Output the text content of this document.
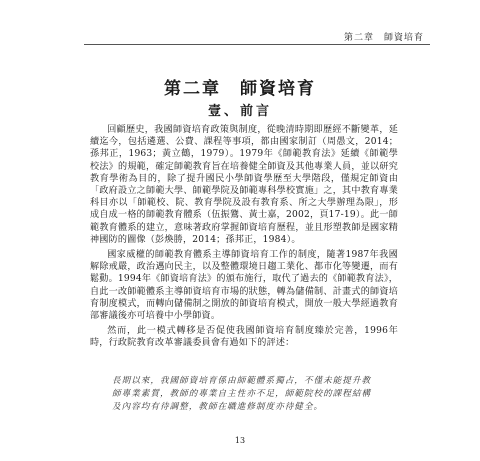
第二章　師資培育
第二章　師資培育
壹、前言

回顧歷史，我國師資培育政策與制度，從晚清時期即歷經不斷變革，延續迄今，包括遴選、公費、課程等事項，都由國家制訂（周愚文，2014；孫邦正，1963；黃立鶴，1979）。1979年《師範教育法》延續《師範學校法》的規範，確定師範教育旨在培養健全師資及其他專業人員，並以研究教育學術為目的，除了提升國民小學師資學歷至大學階段，僅規定師資由「政府設立之師範大學、師範學院及師範專科學校實施」之，其中教育專業科目亦以「師範校、院、教育學院及設有教育系、所之大學辦理為限」，形成自成一格的師範教育體系（伍振鷟、黃士嘉，2002，頁17-19）。此一師範教育體系的建立，意味著政府掌握師資培育歷程，並且形塑教師是國家精神國防的圖像（彭煥勝，2014；孫邦正，1984）。

國家威權的師範教育體系主導師資培育工作的制度，隨著1987年我國解除戒嚴，政治邁向民主，以及整體環境日趨工業化、都市化等變遷，而有鬆動。1994年《師資培育法》的頒布施行，取代了過去的《師範教育法》，自此一改師範體系主導師資培育市場的狀態，轉為儲備制、計畫式的師資培育制度模式，而轉向儲備制之開放的師資培育模式，開放一般大學經過教育部審議後亦可培養中小學師資。

然而，此一模式轉移是否促使我國師資培育制度臻於完善，1996年時，行政院教育改革審議委員會有過如下的評述：

長期以來，我國師資培育係由師範體系獨占，不僅未能提升教師專業素質，教師的專業自主性亦不足，師範院校的課程結構及內容均有待調整，教師在職進修制度亦待健全。
13
